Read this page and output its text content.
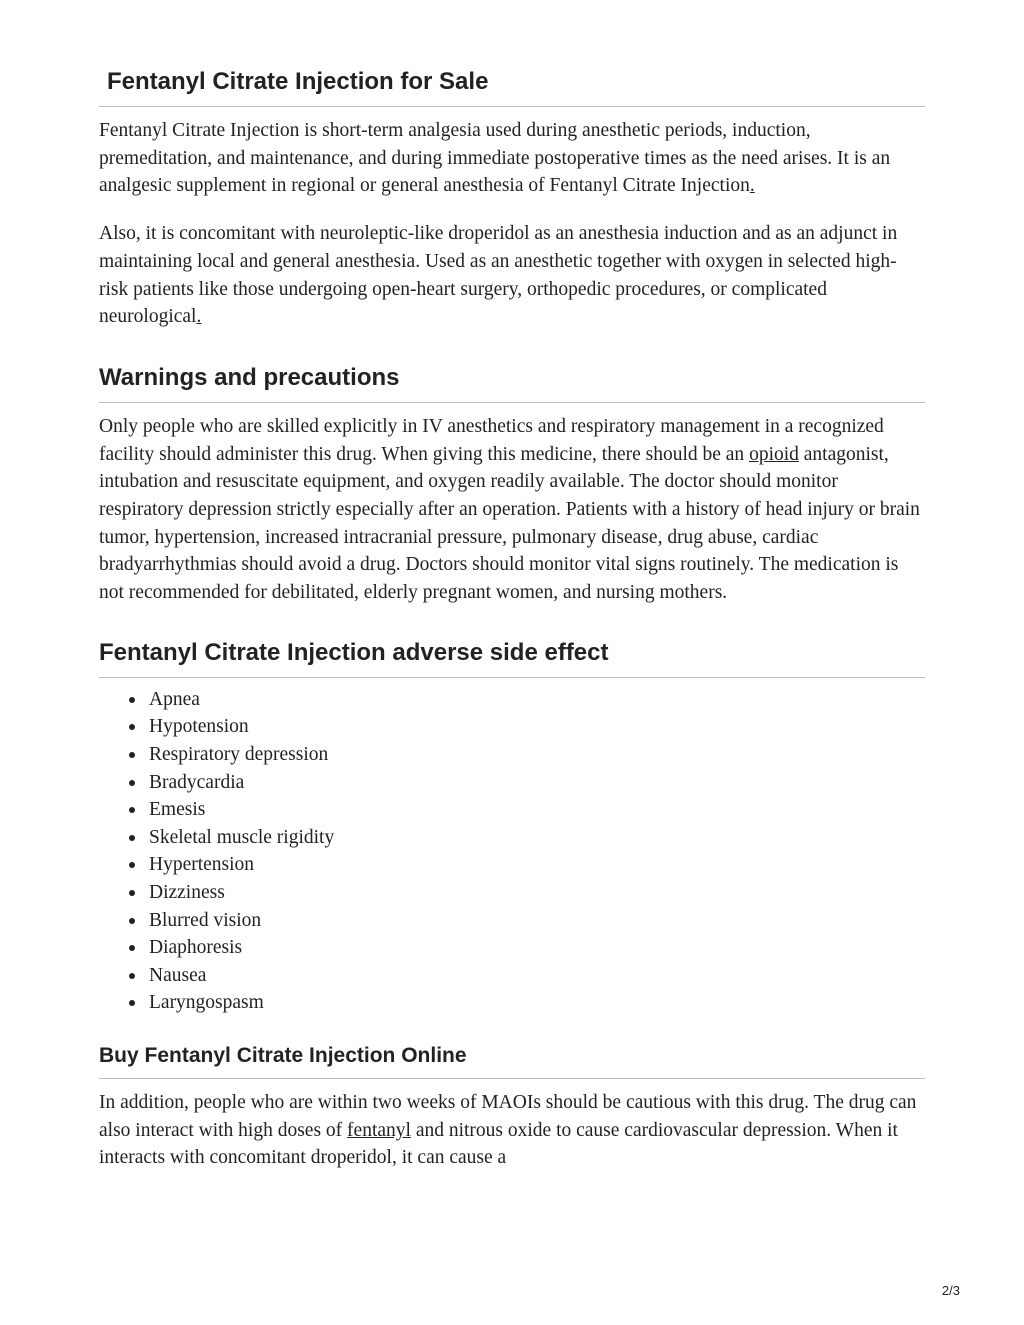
Fentanyl Citrate Injection for Sale

Fentanyl Citrate Injection is short-term analgesia used during anesthetic periods, induction, premeditation, and maintenance, and during immediate postoperative times as the need arises. It is an analgesic supplement in regional or general anesthesia of Fentanyl Citrate Injection.

Also, it is concomitant with neuroleptic-like droperidol as an anesthesia induction and as an adjunct in maintaining local and general anesthesia. Used as an anesthetic together with oxygen in selected high-risk patients like those undergoing open-heart surgery, orthopedic procedures, or complicated neurological.

Warnings and precautions

Only people who are skilled explicitly in IV anesthetics and respiratory management in a recognized facility should administer this drug. When giving this medicine, there should be an opioid antagonist, intubation and resuscitate equipment, and oxygen readily available. The doctor should monitor respiratory depression strictly especially after an operation. Patients with a history of head injury or brain tumor, hypertension, increased intracranial pressure, pulmonary disease, drug abuse, cardiac bradyarrhythmias should avoid a drug. Doctors should monitor vital signs routinely. The medication is not recommended for debilitated, elderly pregnant women, and nursing mothers.

Fentanyl Citrate Injection adverse side effect
Apnea
Hypotension
Respiratory depression
Bradycardia
Emesis
Skeletal muscle rigidity
Hypertension
Dizziness
Blurred vision
Diaphoresis
Nausea
Laryngospasm
Buy Fentanyl Citrate Injection Online

In addition, people who are within two weeks of MAOIs should be cautious with this drug. The drug can also interact with high doses of fentanyl and nitrous oxide to cause cardiovascular depression. When it interacts with concomitant droperidol, it can cause a

2/3
